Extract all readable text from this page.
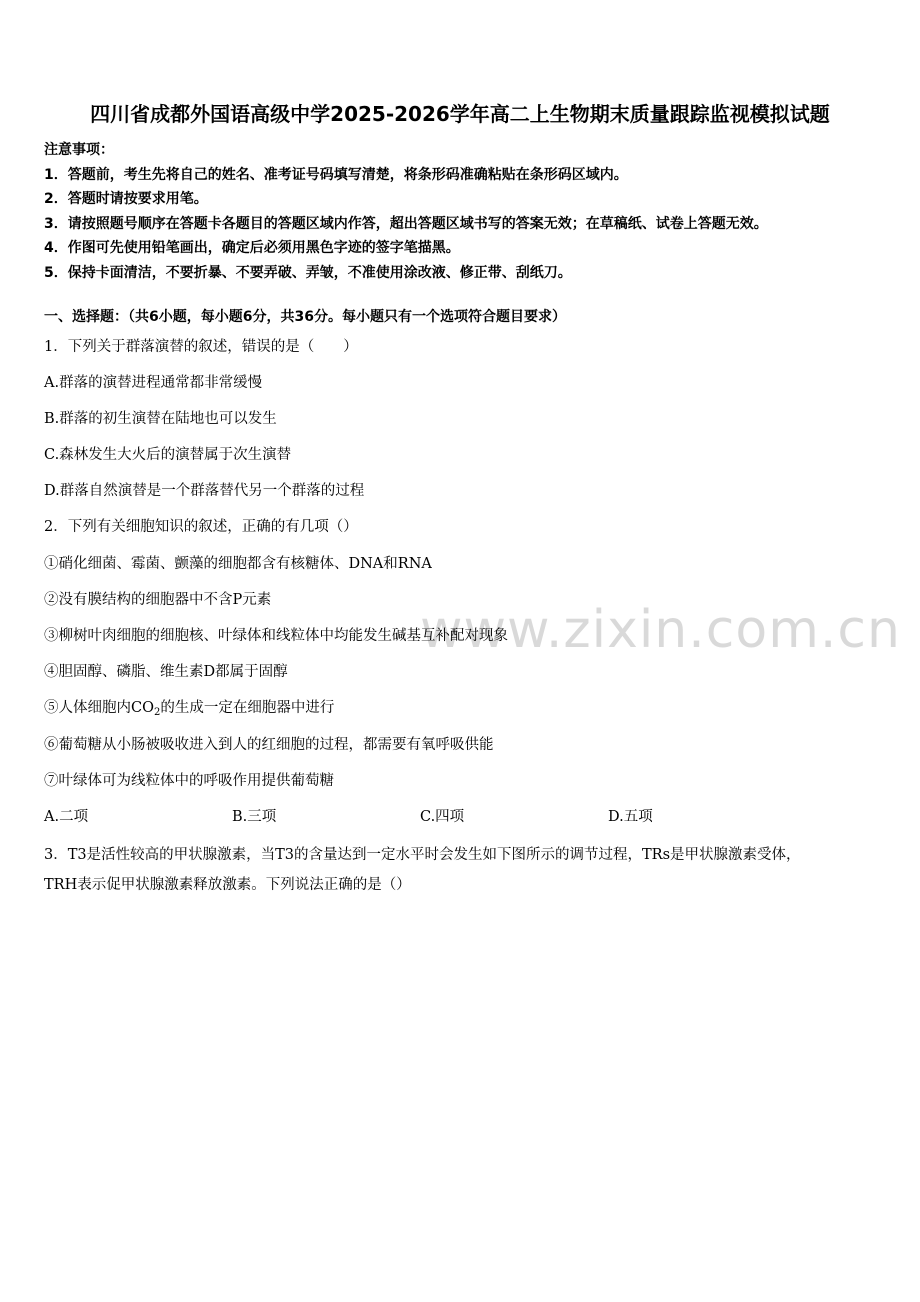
www.zixin.com.cn
四川省成都外国语高级中学2025-2026学年高二上生物期末质量跟踪监视模拟试题
注意事项：
1．答题前，考生先将自己的姓名、准考证号码填写清楚，将条形码准确粘贴在条形码区域内。
2．答题时请按要求用笔。
3．请按照题号顺序在答题卡各题目的答题区域内作答，超出答题区域书写的答案无效；在草稿纸、试卷上答题无效。
4．作图可先使用铅笔画出，确定后必须用黑色字迹的签字笔描黑。
5．保持卡面清洁，不要折暴、不要弄破、弄皱，不准使用涂改液、修正带、刮纸刀。
一、选择题：（共6小题，每小题6分，共36分。每小题只有一个选项符合题目要求）
1．下列关于群落演替的叙述，错误的是（　　）
A.群落的演替进程通常都非常缓慢
B.群落的初生演替在陆地也可以发生
C.森林发生大火后的演替属于次生演替
D.群落自然演替是一个群落替代另一个群落的过程
2．下列有关细胞知识的叙述，正确的有几项（）
①硝化细菌、霉菌、颤藻的细胞都含有核糖体、DNA和RNA
②没有膜结构的细胞器中不含P元素
③柳树叶肉细胞的细胞核、叶绿体和线粒体中均能发生碱基互补配对现象
④胆固醇、磷脂、维生素D都属于固醇
⑤人体细胞内$CO_2$的生成一定在细胞器中进行
⑥葡萄糖从小肠被吸收进入到人的红细胞的过程，都需要有氧呼吸供能
⑦叶绿体可为线粒体中的呼吸作用提供葡萄糖
A.二项	B.三项	C.四项	D.五项
3．T3是活性较高的甲状腺激素，当T3的含量达到一定水平时会发生如下图所示的调节过程，TRs是甲状腺激素受体，
TRH表示促甲状腺激素释放激素。下列说法正确的是（）
